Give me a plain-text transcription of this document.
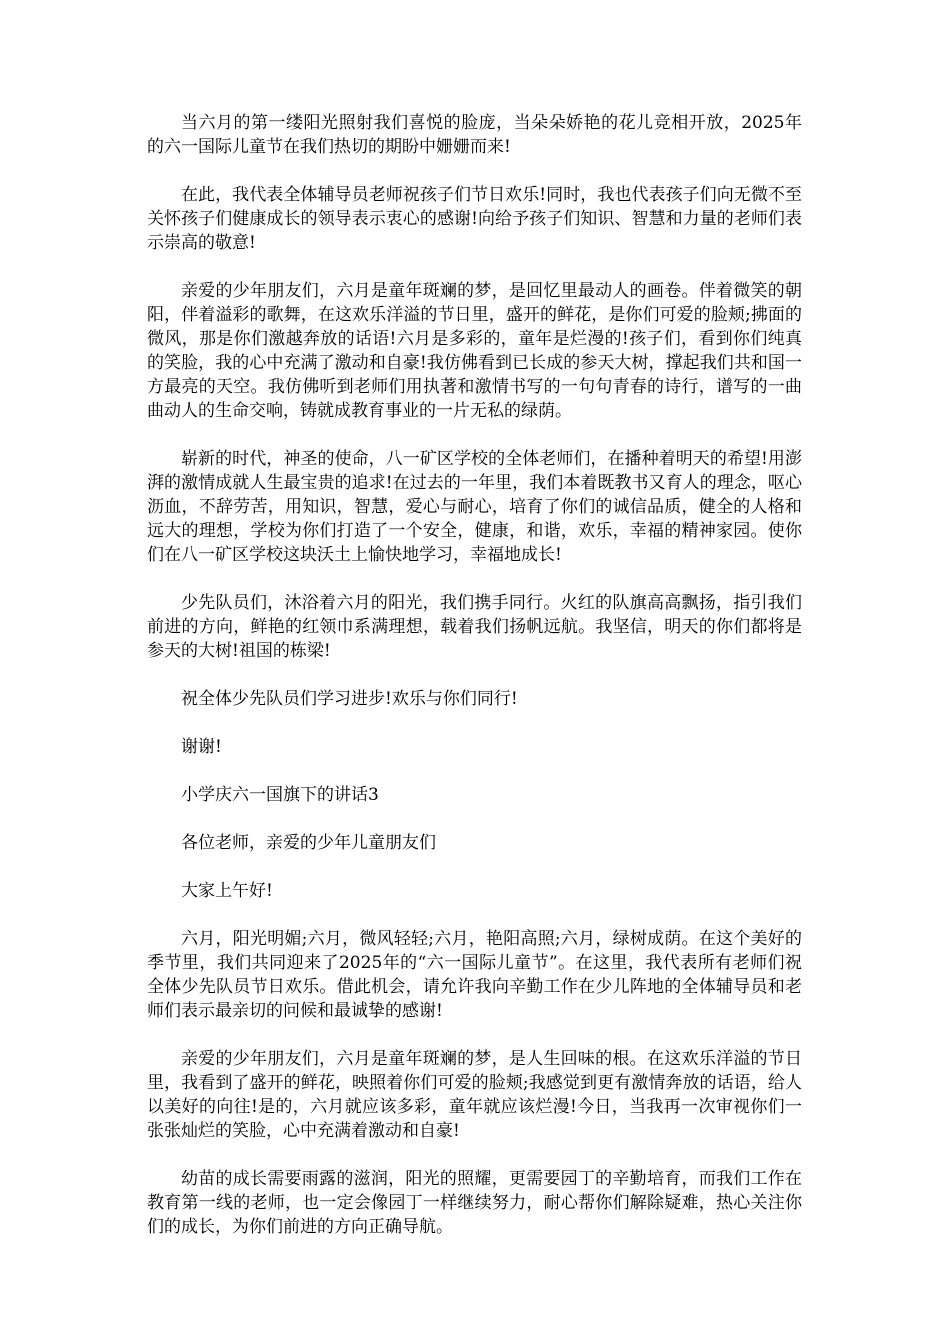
当六月的第一缕阳光照射我们喜悦的脸庞，当朵朵娇艳的花儿竞相开放，2025年的六一国际儿童节在我们热切的期盼中姗姗而来!

在此，我代表全体辅导员老师祝孩子们节日欢乐!同时，我也代表孩子们向无微不至关怀孩子们健康成长的领导表示衷心的感谢!向给予孩子们知识、智慧和力量的老师们表示崇高的敬意!

亲爱的少年朋友们，六月是童年斑斓的梦，是回忆里最动人的画卷。伴着微笑的朝阳，伴着溢彩的歌舞，在这欢乐洋溢的节日里，盛开的鲜花，是你们可爱的脸颊;拂面的微风，那是你们激越奔放的话语!六月是多彩的，童年是烂漫的!孩子们，看到你们纯真的笑脸，我的心中充满了激动和自豪!我仿佛看到已长成的参天大树，撑起我们共和国一方最亮的天空。我仿佛听到老师们用执著和激情书写的一句句青春的诗行，谱写的一曲曲动人的生命交响，铸就成教育事业的一片无私的绿荫。

崭新的时代，神圣的使命，八一矿区学校的全体老师们，在播种着明天的希望!用澎湃的激情成就人生最宝贵的追求!在过去的一年里，我们本着既教书又育人的理念，呕心沥血，不辞劳苦，用知识，智慧，爱心与耐心，培育了你们的诚信品质，健全的人格和远大的理想，学校为你们打造了一个安全，健康，和谐，欢乐，幸福的精神家园。使你们在八一矿区学校这块沃土上愉快地学习，幸福地成长!

少先队员们，沐浴着六月的阳光，我们携手同行。火红的队旗高高飘扬，指引我们前进的方向，鲜艳的红领巾系满理想，载着我们扬帆远航。我坚信，明天的你们都将是参天的大树!祖国的栋梁!

祝全体少先队员们学习进步!欢乐与你们同行!

谢谢!

小学庆六一国旗下的讲话3

各位老师，亲爱的少年儿童朋友们

大家上午好!

六月，阳光明媚;六月，微风轻轻;六月，艳阳高照;六月，绿树成荫。在这个美好的季节里，我们共同迎来了2025年的“六一国际儿童节”。在这里，我代表所有老师们祝全体少先队员节日欢乐。借此机会，请允许我向辛勤工作在少儿阵地的全体辅导员和老师们表示最亲切的问候和最诚挚的感谢!

亲爱的少年朋友们，六月是童年斑斓的梦，是人生回味的根。在这欢乐洋溢的节日里，我看到了盛开的鲜花，映照着你们可爱的脸颊;我感觉到更有激情奔放的话语，给人以美好的向往!是的，六月就应该多彩，童年就应该烂漫!今日，当我再一次审视你们一张张灿烂的笑脸，心中充满着激动和自豪!

幼苗的成长需要雨露的滋润，阳光的照耀，更需要园丁的辛勤培育，而我们工作在教育第一线的老师，也一定会像园丁一样继续努力，耐心帮你们解除疑难，热心关注你们的成长，为你们前进的方向正确导航。
